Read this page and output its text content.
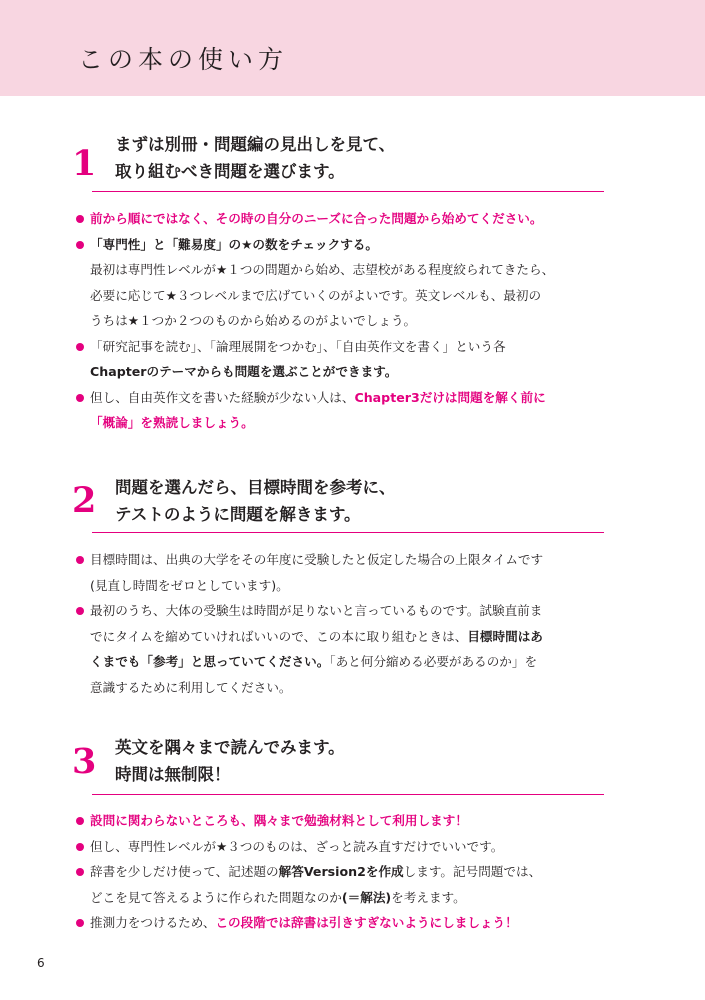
この本の使い方
1 まずは別冊・問題編の見出しを見て、
取り組むべき問題を選びます。
前から順にではなく、その時の自分のニーズに合った問題から始めてください。
「専門性」と「難易度」の★の数をチェックする。
最初は専門性レベルが★１つの問題から始め、志望校がある程度絞られてきたら、
必要に応じて★３つレベルまで広げていくのがよいです。英文レベルも、最初の
うちは★１つか２つのものから始めるのがよいでしょう。
「研究記事を読む」、「論理展開をつかむ」、「自由英作文を書く」という各
Chapterのテーマからも問題を選ぶことができます。
但し、自由英作文を書いた経験が少ない人は、Chapter3だけは問題を解く前に
「概論」を熟読しましょう。
2 問題を選んだら、目標時間を参考に、
テストのように問題を解きます。
目標時間は、出典の大学をその年度に受験したと仮定した場合の上限タイムです
(見直し時間をゼロとしています)。
最初のうち、大体の受験生は時間が足りないと言っているものです。試験直前ま
でにタイムを縮めていければいいので、この本に取り組むときは、目標時間はあ
くまでも「参考」と思っていてください。「あと何分縮める必要があるのか」を
意識するために利用してください。
3 英文を隅々まで読んでみます。
時間は無制限！
設問に関わらないところも、隅々まで勉強材料として利用します！
但し、専門性レベルが★３つのものは、ざっと読み直すだけでいいです。
辞書を少しだけ使って、記述題の解答Version2を作成します。記号問題では、
どこを見て答えるように作られた問題なのか(＝解法)を考えます。
推測力をつけるため、この段階では辞書は引きすぎないようにしましょう！
6
